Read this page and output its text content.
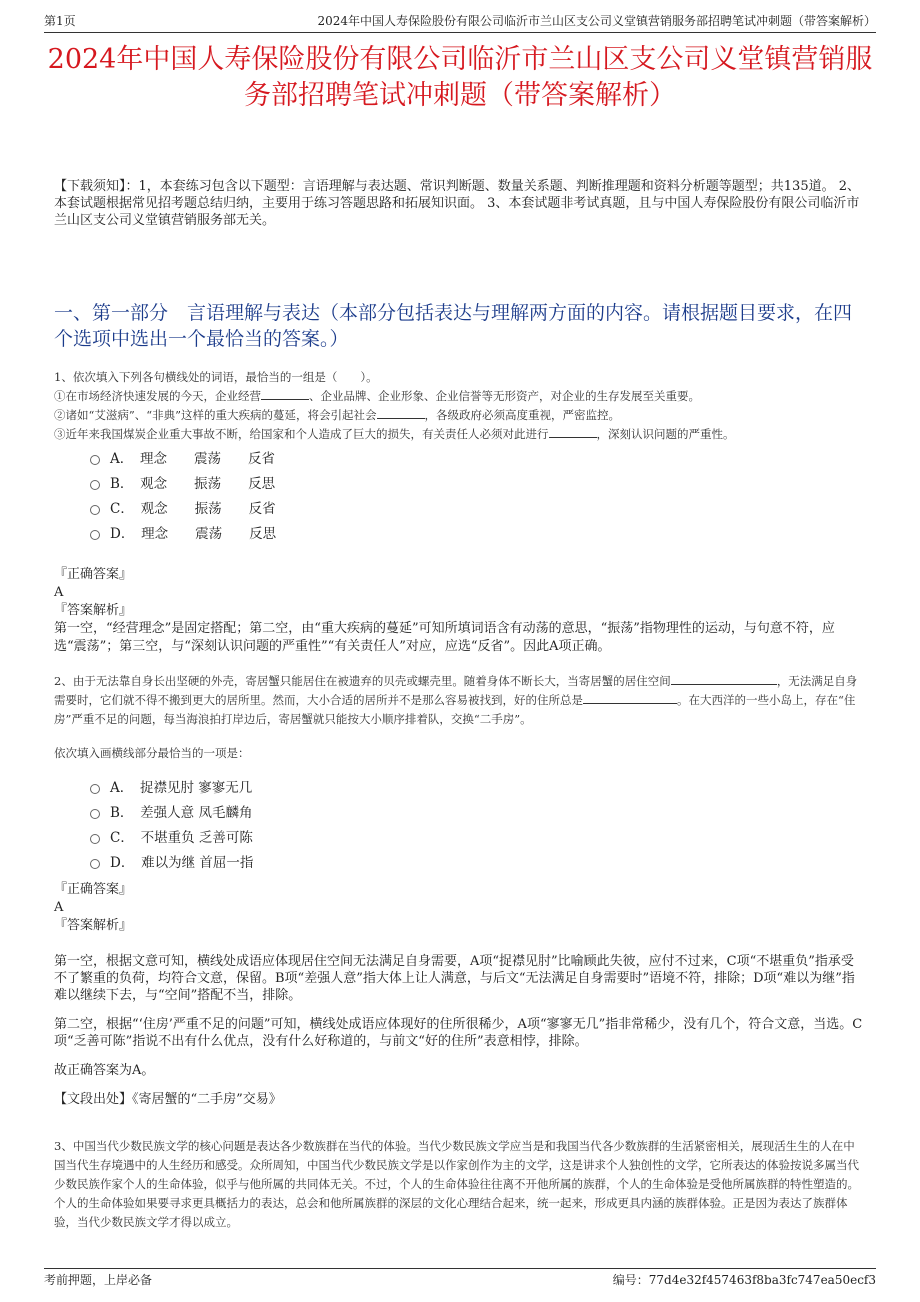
第1页	2024年中国人寿保险股份有限公司临沂市兰山区支公司义堂镇营销服务部招聘笔试冲刺题（带答案解析）
2024年中国人寿保险股份有限公司临沂市兰山区支公司义堂镇营销服务部招聘笔试冲刺题（带答案解析）
【下载须知】：1，本套练习包含以下题型：言语理解与表达题、常识判断题、数量关系题、判断推理题和资料分析题等题型；共135道。 2、本套试题根据常见招考题总结归纳，主要用于练习答题思路和拓展知识面。 3、本套试题非考试真题，且与中国人寿保险股份有限公司临沂市兰山区支公司义堂镇营销服务部无关。
一、第一部分　言语理解与表达（本部分包括表达与理解两方面的内容。请根据题目要求，在四个选项中选出一个最恰当的答案。）

1、依次填入下列各句横线处的词语，最恰当的一组是（　　）。

①在市场经济快速发展的今天，企业经营	、企业品牌、企业形象、企业信誉等无形资产，对企业的生存发展至关重要。

②诸如“艾滋病”、“非典”这样的重大疾病的蔓延，将会引起社会	，各级政府必须高度重视，严密监控。

③近年来我国煤炭企业重大事故不断，给国家和个人造成了巨大的损失，有关责任人必须对此进行	，深刻认识问题的严重性。

A．　理念　　震荡　　反省
B．　观念　　振荡　　反思
C．　观念　　振荡　　反省
D．　理念　　震荡　　反思

『正确答案』

A

『答案解析』

第一空，“经营理念”是固定搭配；第二空，由“重大疾病的蔓延”可知所填词语含有动荡的意思，“振荡”指物理性的运动，与句意不符，应选“震荡”；第三空，与“深刻认识问题的严重性”“有关责任人”对应，应选“反省”。因此A项正确。

2、由于无法靠自身长出坚硬的外壳，寄居蟹只能居住在被遗弃的贝壳或螺壳里。随着身体不断长大，当寄居蟹的居住空间	，无法满足自身需要时，它们就不得不搬到更大的居所里。然而，大小合适的居所并不是那么容易被找到，好的住所总是	。在大西洋的一些小岛上，存在“住房”严重不足的问题，每当海浪拍打岸边后，寄居蟹就只能按大小顺序排着队，交换“二手房”。

依次填入画横线部分最恰当的一项是：
A．　捉襟见肘 寥寥无几
B．　差强人意 凤毛麟角
C．　不堪重负 乏善可陈
D．　难以为继 首屈一指

『正确答案』

A

『答案解析』

第一空，根据文意可知，横线处成语应体现居住空间无法满足自身需要，A项“捉襟见肘”比喻顾此失彼，应付不过来，C项“不堪重负”指承受不了繁重的负荷，均符合文意，保留。B项“差强人意”指大体上让人满意，与后文“无法满足自身需要时”语境不符，排除；D项“难以为继”指难以继续下去，与“空间”搭配不当，排除。

第二空，根据“‘住房’严重不足的问题”可知，横线处成语应体现好的住所很稀少，A项“寥寥无几”指非常稀少，没有几个，符合文意，当选。C项“乏善可陈”指说不出有什么优点，没有什么好称道的，与前文“好的住所”表意相悖，排除。

故正确答案为A。

【文段出处】《寄居蟹的“二手房”交易》

3、中国当代少数民族文学的核心问题是表达各少数族群在当代的体验。当代少数民族文学应当是和我国当代各少数族群的生活紧密相关，展现活生生的人在中国当代生存境遇中的人生经历和感受。众所周知，中国当代少数民族文学是以作家创作为主的文学，这是讲求个人独创性的文学，它所表达的体验按说多属当代少数民族作家个人的生命体验，似乎与他所属的共同体无关。不过，个人的生命体验往往离不开他所属的族群，个人的生命体验是受他所属族群的特性塑造的。个人的生命体验如果要寻求更具概括力的表达，总会和他所属族群的深层的文化心理结合起来，统一起来，形成更具内涵的族群体验。正是因为表达了族群体验，当代少数民族文学才得以成立。
考前押题，上岸必备	编号：77d4e32f457463f8ba3fc747ea50ecf3
